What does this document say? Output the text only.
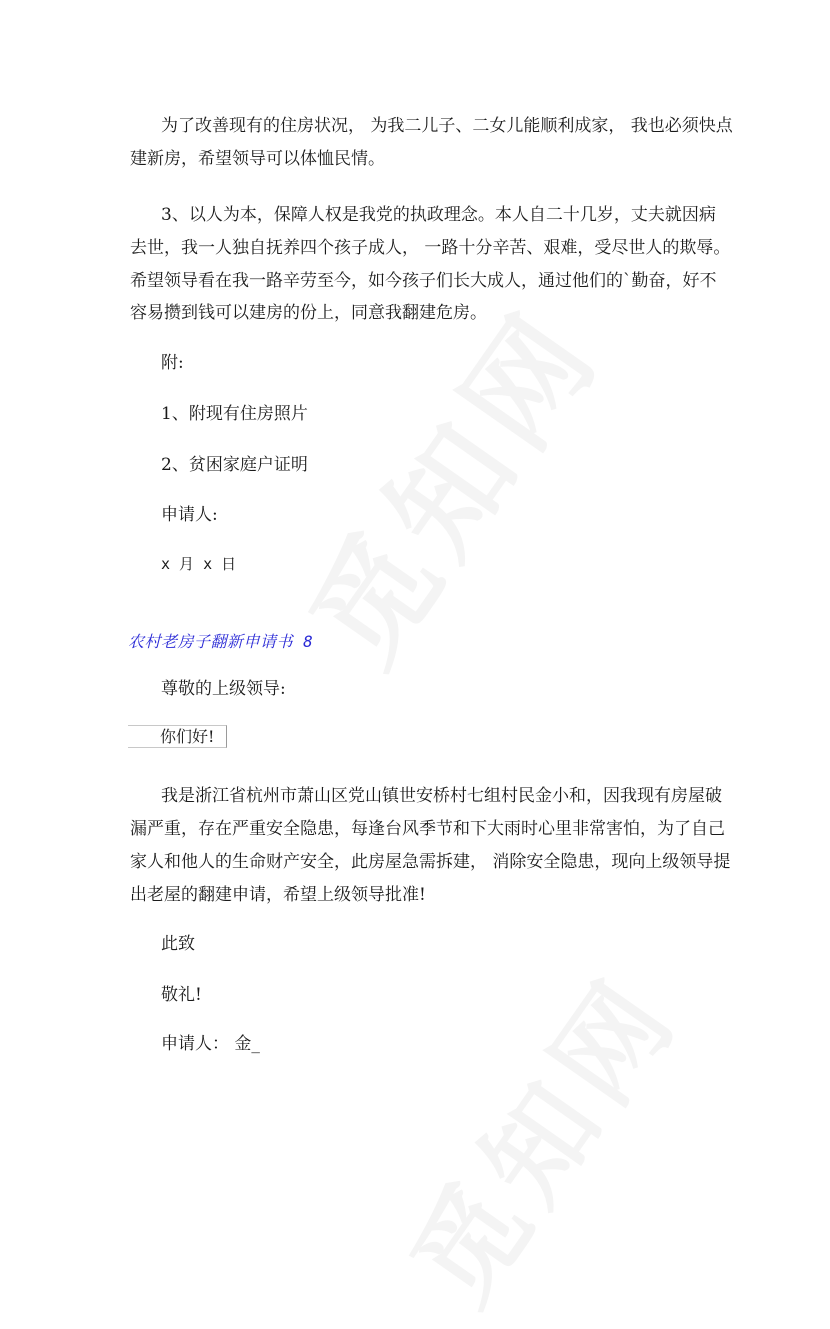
为了改善现有的住房状况， 为我二儿子、二女儿能顺利成家， 我也必须快点
建新房，希望领导可以体恤民情。
3、以人为本，保障人权是我党的执政理念。本人自二十几岁，丈夫就因病
去世，我一人独自抚养四个孩子成人， 一路十分辛苦、艰难，受尽世人的欺辱。
希望领导看在我一路辛劳至今，如今孩子们长大成人，通过他们的`勤奋，好不
容易攒到钱可以建房的份上，同意我翻建危房。
附:
1、附现有住房照片
2、贫困家庭户证明
申请人:
x 月 x 日
农村老房子翻新申请书 8
尊敬的上级领导:
你们好!
我是浙江省杭州市萧山区党山镇世安桥村七组村民金小和，因我现有房屋破
漏严重，存在严重安全隐患，每逢台风季节和下大雨时心里非常害怕，为了自己
家人和他人的生命财产安全，此房屋急需拆建， 消除安全隐患，现向上级领导提
出老屋的翻建申请，希望上级领导批准!
此致
敬礼!
申请人： 金_
